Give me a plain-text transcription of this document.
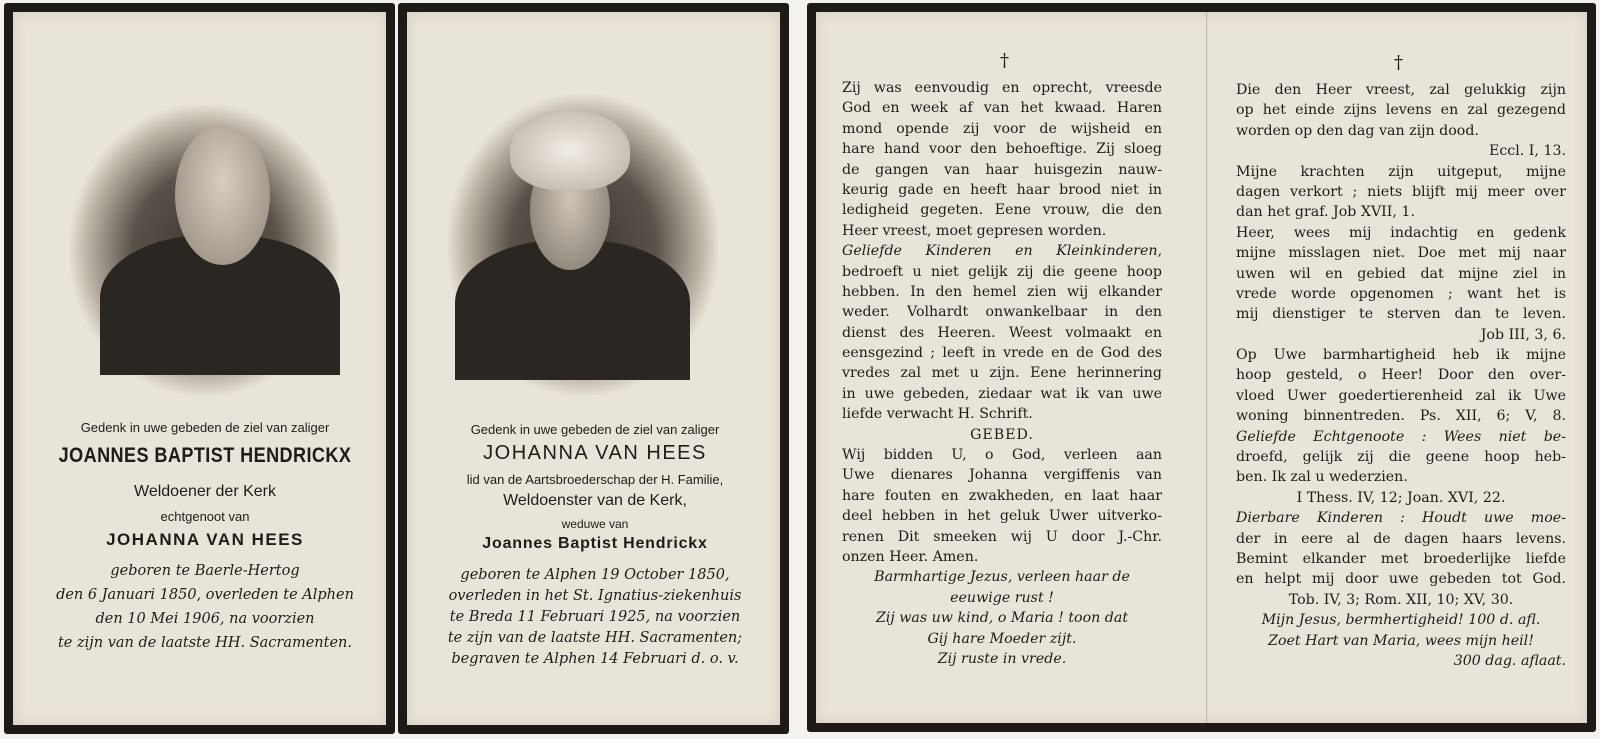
Gedenk in uwe gebeden de ziel van zaliger
JOANNES BAPTIST HENDRICKX
Weldoener der Kerk
echtgenoot van
JOHANNA VAN HEES
geboren te Baerle-Hertog
den 6 Januari 1850, overleden te Alphen
den 10 Mei 1906, na voorzien
te zijn van de laatste HH. Sacramenten.
Gedenk in uwe gebeden de ziel van zaliger
JOHANNA VAN HEES
lid van de Aartsbroederschap der H. Familie,
Weldoenster van de Kerk,
weduwe van
Joannes Baptist Hendrickx
geboren te Alphen 19 October 1850,
overleden in het St. Ignatius-ziekenhuis
te Breda 11 Februari 1925, na voorzien
te zijn van de laatste HH. Sacramenten;
begraven te Alphen 14 Februari d. o. v.
†	†
Zij was eenvoudig en oprecht, vreesde
God en week af van het kwaad. Haren
mond opende zij voor de wijsheid en
hare hand voor den behoeftige. Zij sloeg
de gangen van haar huisgezin nauw-
keurig gade en heeft haar brood niet in
ledigheid gegeten. Eene vrouw, die den
Heer vreest, moet gepresen worden.
Geliefde Kinderen en Kleinkinderen,
bedroeft u niet gelijk zij die geene hoop
hebben. In den hemel zien wij elkander
weder. Volhardt onwankelbaar in den
dienst des Heeren. Weest volmaakt en
eensgezind ; leeft in vrede en de God des
vredes zal met u zijn. Eene herinnering
in uwe gebeden, ziedaar wat ik van uwe
liefde verwacht H. Schrift.
GEBED.
Wij bidden U, o God, verleen aan
Uwe dienares Johanna vergiffenis van
hare fouten en zwakheden, en laat haar
deel hebben in het geluk Uwer uitverko-
renen Dit smeeken wij U door J.-Chr.
onzen Heer. Amen.
Barmhartige Jezus, verleen haar de
eeuwige rust !
Zij was uw kind, o Maria ! toon dat
Gij hare Moeder zijt.
Zij ruste in vrede.
Die den Heer vreest, zal gelukkig zijn
op het einde zijns levens en zal gezegend
worden op den dag van zijn dood.
Eccl. I, 13.
Mijne krachten zijn uitgeput, mijne
dagen verkort ; niets blijft mij meer over
dan het graf. Job XVII, 1.
Heer, wees mij indachtig en gedenk
mijne misslagen niet. Doe met mij naar
uwen wil en gebied dat mijne ziel in
vrede worde opgenomen ; want het is
mij dienstiger te sterven dan te leven.
Job III, 3, 6.
Op Uwe barmhartigheid heb ik mijne
hoop gesteld, o Heer! Door den over-
vloed Uwer goedertierenheid zal ik Uwe
woning binnentreden. Ps. XII, 6; V, 8.
Geliefde Echtgenoote : Wees niet be-
droefd, gelijk zij die geene hoop heb-
ben. Ik zal u wederzien.
I Thess. IV, 12; Joan. XVI, 22.
Dierbare Kinderen : Houdt uwe moe-
der in eere al de dagen haars levens.
Bemint elkander met broederlijke liefde
en helpt mij door uwe gebeden tot God.
Tob. IV, 3; Rom. XII, 10; XV, 30.
Mijn Jesus, bermhertigheid! 100 d. afl.
Zoet Hart van Maria, wees mijn heil!
300 dag. aflaat.
